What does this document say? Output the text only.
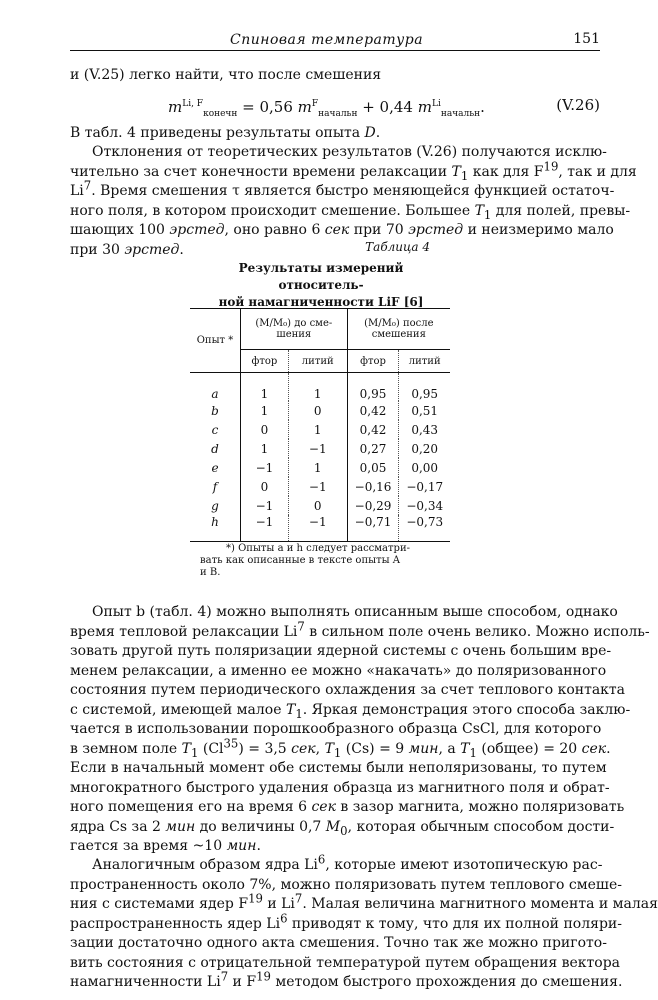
Спиновая температура	151

и (V.25) легко найти, что после смешения

$m^{Li, F}_{конечн} = 0,56$ $m^F_{начальн} + 0,44$ $m^{Li}_{начальн}$.	(V.26)

В табл. 4 приведены результаты опыта D.

Отклонения от теоретических результатов (V.26) получаются исклю-
чительно за счет конечности времени релаксации $T_1$ как для $F^{19}$, так и для
Li$^7$. Время смешения τ является быстро меняющейся функцией остаточ-
ного поля, в котором происходит смешение. Большее $T_1$ для полей, превы-
шающих 100 эрстед, оно равно 6 сек при 70 эрстед и неизмеримо мало
при 30 эрстед.	Таблица 4
Результаты измерений относитель-
ной намагниченности LiF [6]
Опыт *	(M/M₀) до сме-
шения		(M/M₀) после
смешения	
	фтор	литий	фтор	литий
a	1	1	0,95	0,95
b	1	0	0,42	0,51
c	0	1	0,42	0,43
d	1	−1	0,27	0,20
e	−1	1	0,05	0,00
f	0	−1	−0,16	−0,17
g	−1	0	−0,29	−0,34
h	−1	−1	−0,71	−0,73
*) Опыты a и h следует рассматри-
вать как описанные в тексте опыты A
и B.

Опыт b (табл. 4) можно выполнять описанным выше способом, однако
время тепловой релаксации Li$^7$ в сильном поле очень велико. Можно исполь-
зовать другой путь поляризации ядерной системы с очень большим вре-
менем релаксации, а именно ее можно «накачать» до поляризованного
состояния путем периодического охлаждения за счет теплового контакта
с системой, имеющей малое $T_1$. Яркая демонстрация этого способа заклю-
чается в использовании порошкообразного образца CsCl, для которого
в земном поле $T_1$ $(Cl^{35}) = 3,5$ сек, $T_1$ (Cs) = 9 мин, а $T_1$ (общее) = 20 сек.
Если в начальный момент обе системы были неполяризованы, то путем
многократного быстрого удаления образца из магнитного поля и обрат-
ного помещения его на время 6 сек в зазор магнита, можно поляризовать
ядра Cs за 2 мин до величины 0,7 $M_0$, которая обычным способом дости-
гается за время ~10 мин.

Аналогичным образом ядра Li$^6$, которые имеют изотопическую рас-
пространенность около 7%, можно поляризовать путем теплового смеше-
ния с системами ядер $F^{19}$ и Li$^7$. Малая величина магнитного момента и малая
распространенность ядер Li$^6$ приводят к тому, что для их полной поляри-
зации достаточно одного акта смешения. Точно так же можно пригото-
вить состояния с отрицательной температурой путем обращения вектора
намагниченности Li$^7$ и $F^{19}$ методом быстрого прохождения до смешения.
